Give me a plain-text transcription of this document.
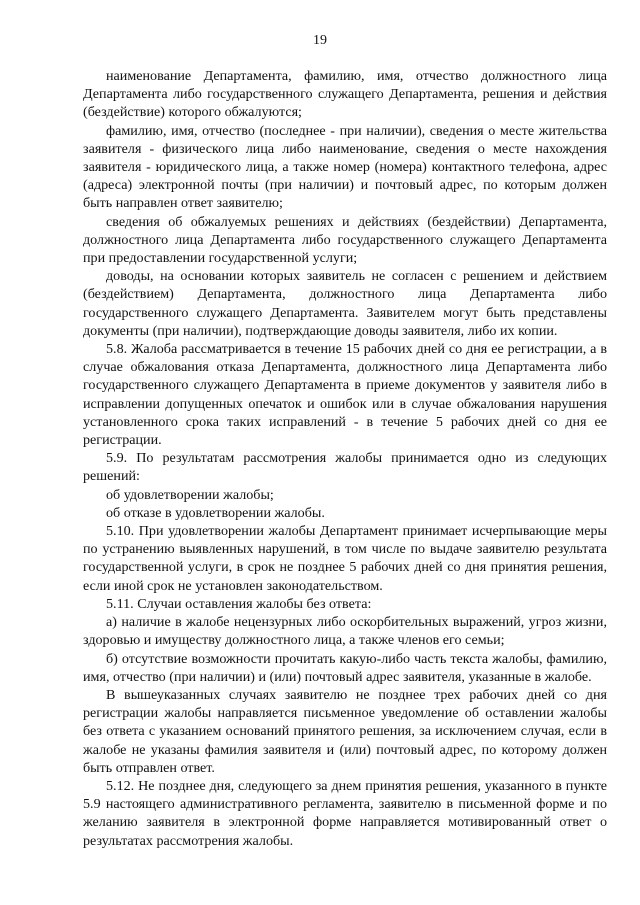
19

наименование Департамента, фамилию, имя, отчество должностного лица Департамента либо государственного служащего Департамента, решения и действия (бездействие) которого обжалуются;

фамилию, имя, отчество (последнее - при наличии), сведения о месте жительства заявителя - физического лица либо наименование, сведения о месте нахождения заявителя - юридического лица, а также номер (номера) контактного телефона, адрес (адреса) электронной почты (при наличии) и почтовый адрес, по которым должен быть направлен ответ заявителю;

сведения об обжалуемых решениях и действиях (бездействии) Департамента, должностного лица Департамента либо государственного служащего Департамента при предоставлении государственной услуги;

доводы, на основании которых заявитель не согласен с решением и действием (бездействием) Департамента, должностного лица Департамента либо государственного служащего Департамента. Заявителем могут быть представлены документы (при наличии), подтверждающие доводы заявителя, либо их копии.

5.8. Жалоба рассматривается в течение 15 рабочих дней со дня ее регистрации, а в случае обжалования отказа Департамента, должностного лица Департамента либо государственного служащего Департамента в приеме документов у заявителя либо в исправлении допущенных опечаток и ошибок или в случае обжалования нарушения установленного срока таких исправлений - в течение 5 рабочих дней со дня ее регистрации.

5.9. По результатам рассмотрения жалобы принимается одно из следующих решений:

об удовлетворении жалобы;

об отказе в удовлетворении жалобы.

5.10. При удовлетворении жалобы Департамент принимает исчерпывающие меры по устранению выявленных нарушений, в том числе по выдаче заявителю результата государственной услуги, в срок не позднее 5 рабочих дней со дня принятия решения, если иной срок не установлен законодательством.

5.11. Случаи оставления жалобы без ответа:

а) наличие в жалобе нецензурных либо оскорбительных выражений, угроз жизни, здоровью и имуществу должностного лица, а также членов его семьи;

б) отсутствие возможности прочитать какую-либо часть текста жалобы, фамилию, имя, отчество (при наличии) и (или) почтовый адрес заявителя, указанные в жалобе.

В вышеуказанных случаях заявителю не позднее трех рабочих дней со дня регистрации жалобы направляется письменное уведомление об оставлении жалобы без ответа с указанием оснований принятого решения, за исключением случая, если в жалобе не указаны фамилия заявителя и (или) почтовый адрес, по которому должен быть отправлен ответ.

5.12. Не позднее дня, следующего за днем принятия решения, указанного в пункте 5.9 настоящего административного регламента, заявителю в письменной форме и по желанию заявителя в электронной форме направляется мотивированный ответ о результатах рассмотрения жалобы.
